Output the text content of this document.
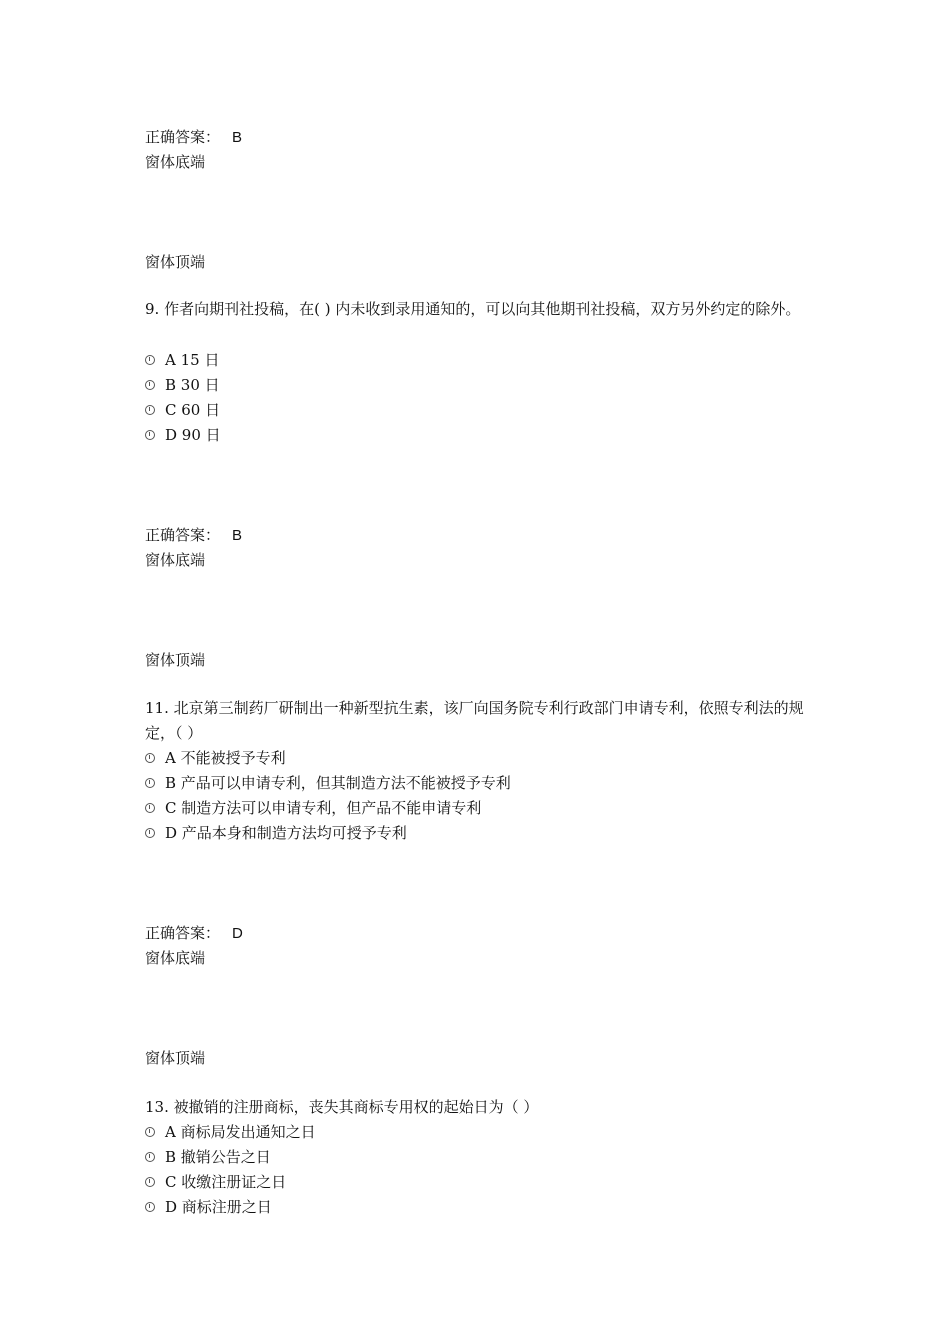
正确答案： B
窗体底端
窗体顶端
9. 作者向期刊社投稿，在( ) 内未收到录用通知的，可以向其他期刊社投稿，双方另外约定的除外。
A 15 日
B 30 日
C 60 日
D 90 日
正确答案： B
窗体底端
窗体顶端
11. 北京第三制药厂研制出一种新型抗生素，该厂向国务院专利行政部门申请专利，依照专利法的规定，（ ）
A 不能被授予专利
B 产品可以申请专利，但其制造方法不能被授予专利
C 制造方法可以申请专利，但产品不能申请专利
D 产品本身和制造方法均可授予专利
正确答案： D
窗体底端
窗体顶端
13. 被撤销的注册商标，丧失其商标专用权的起始日为（ ）
A 商标局发出通知之日
B 撤销公告之日
C 收缴注册证之日
D 商标注册之日
